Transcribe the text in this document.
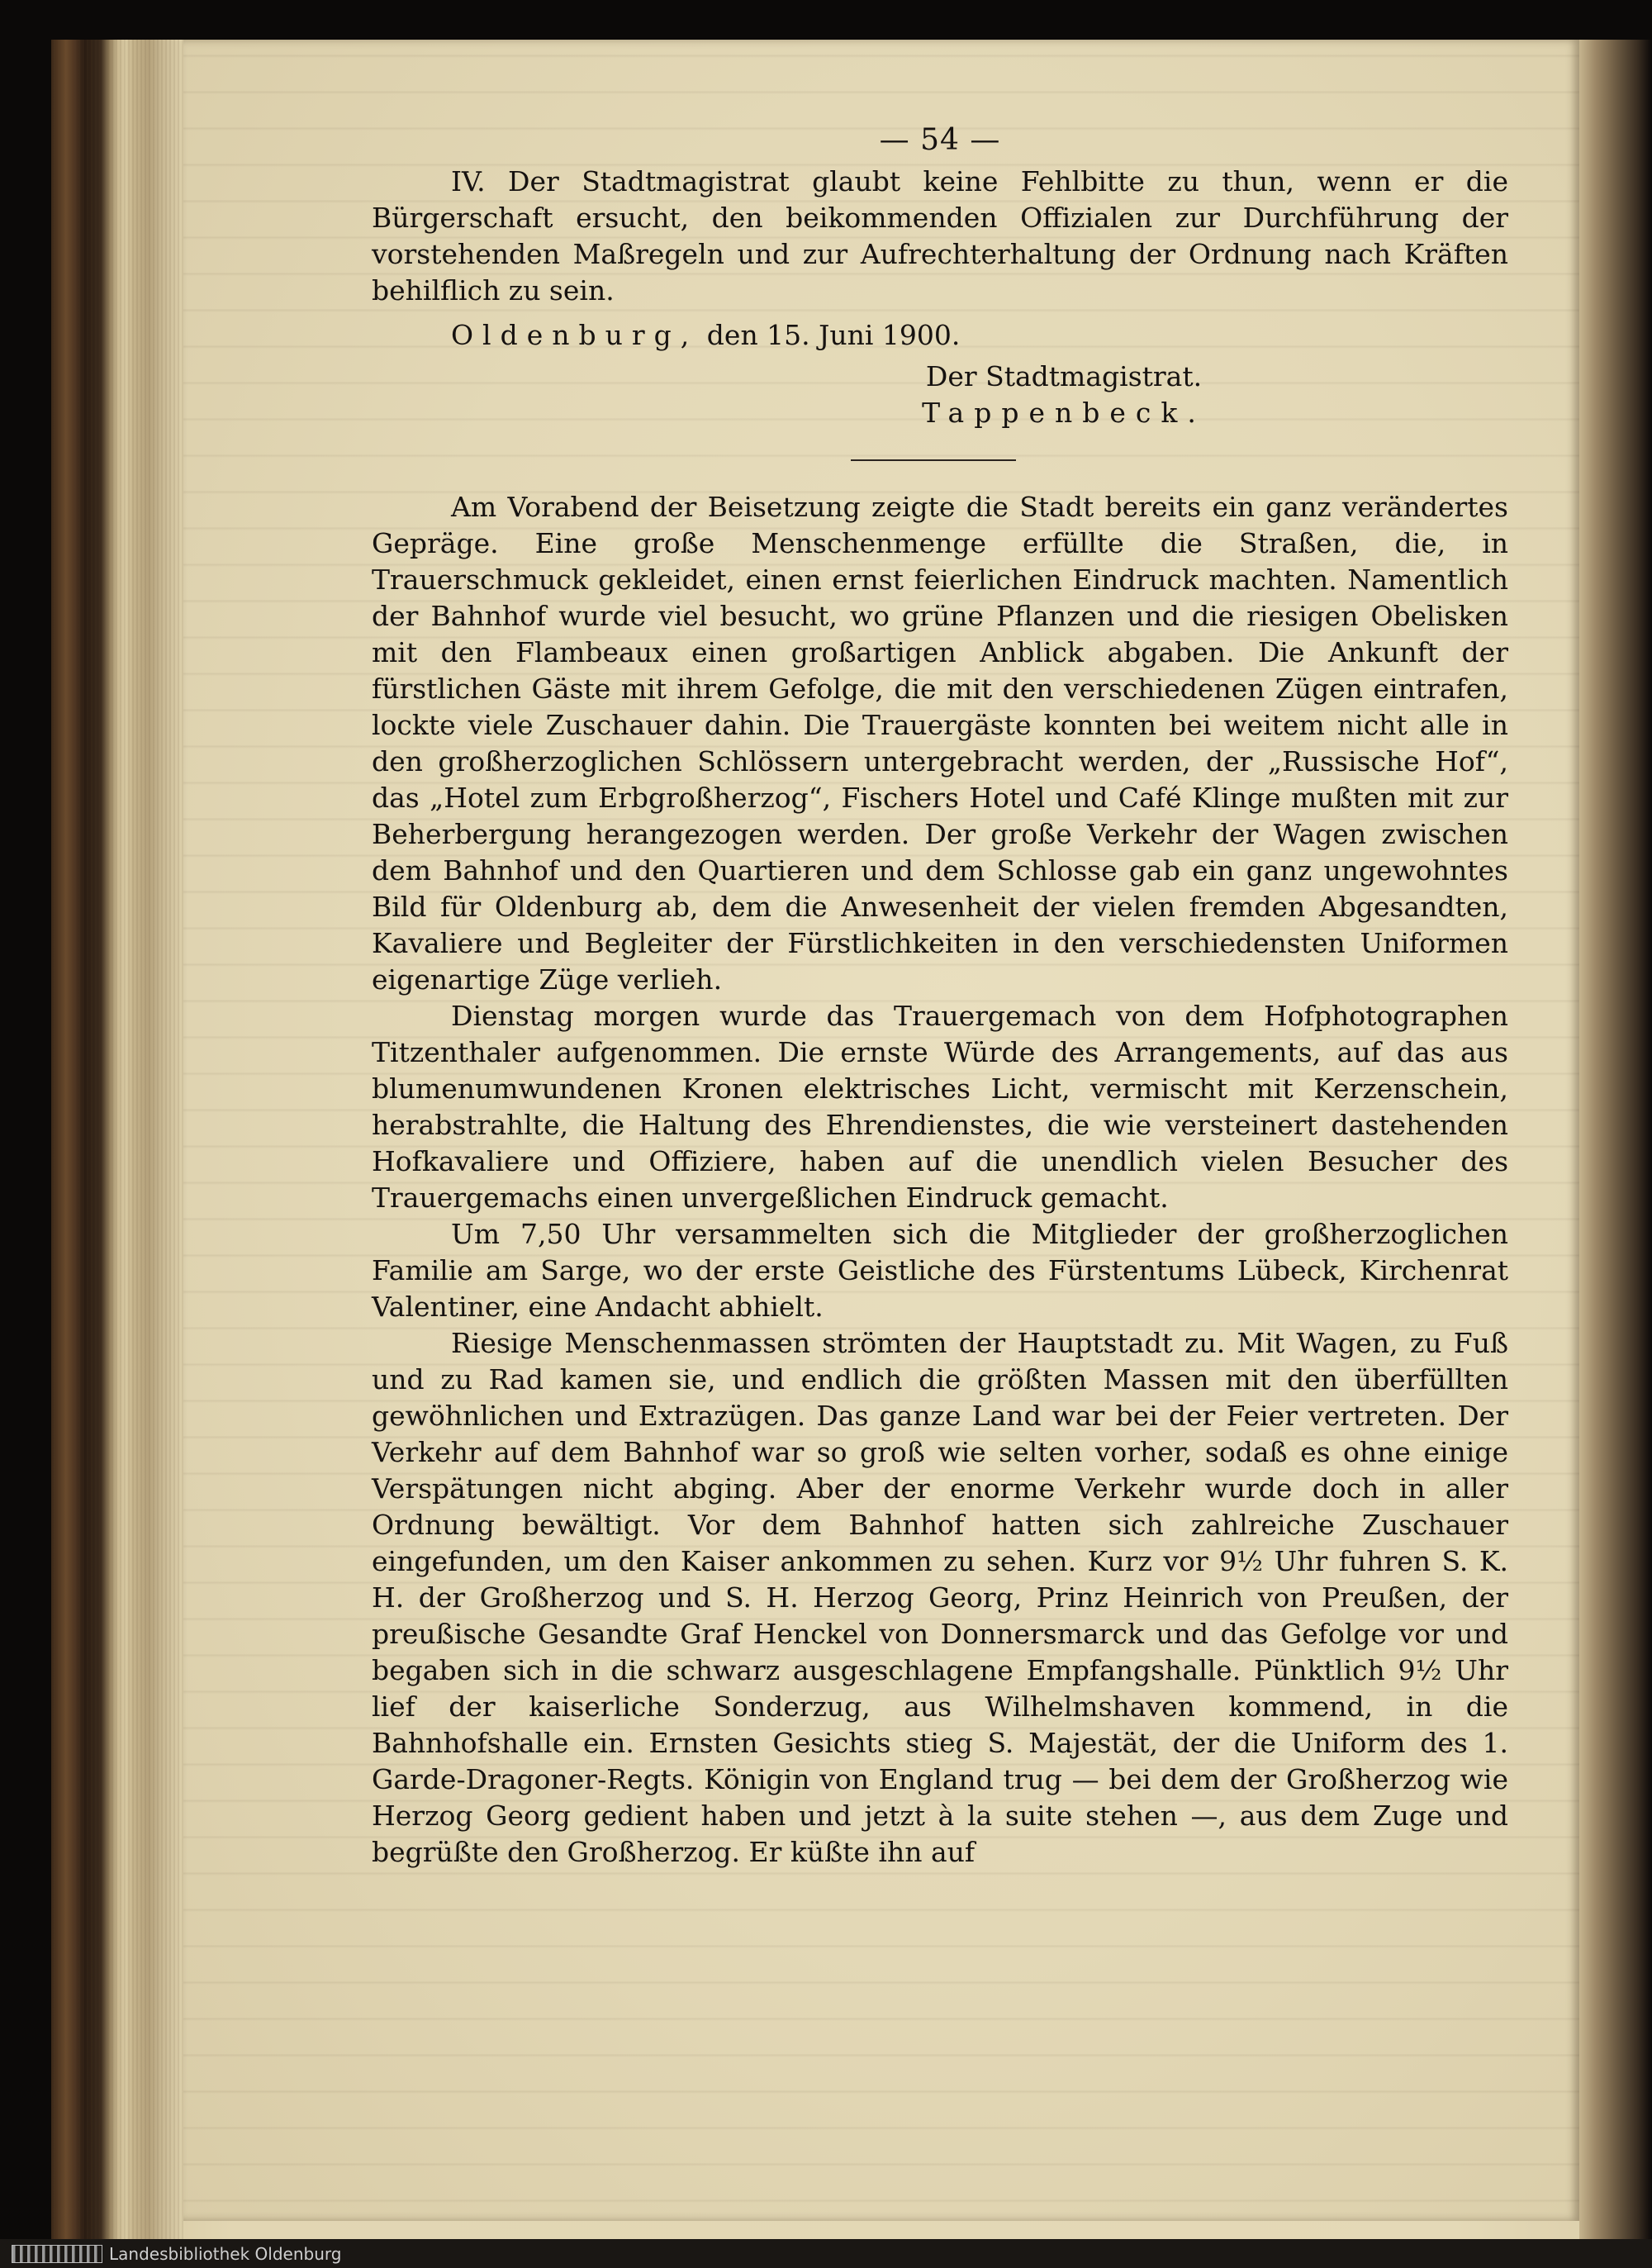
— 54 —

IV. Der Stadtmagistrat glaubt keine Fehlbitte zu thun, wenn er die Bürgerschaft ersucht, den beikommenden Offizialen zur Durchführung der vorstehenden Maßregeln und zur Aufrechterhaltung der Ordnung nach Kräften behilflich zu sein.

Oldenburg, den 15. Juni 1900.

Der Stadtmagistrat.
Tappenbeck.

Am Vorabend der Beisetzung zeigte die Stadt bereits ein ganz verändertes Gepräge. Eine große Menschenmenge erfüllte die Straßen, die, in Trauerschmuck gekleidet, einen ernst feierlichen Eindruck machten. Namentlich der Bahnhof wurde viel besucht, wo grüne Pflanzen und die riesigen Obelisken mit den Flambeaux einen großartigen Anblick abgaben. Die Ankunft der fürstlichen Gäste mit ihrem Gefolge, die mit den verschiedenen Zügen eintrafen, lockte viele Zuschauer dahin. Die Trauergäste konnten bei weitem nicht alle in den großherzoglichen Schlössern untergebracht werden, der „Russische Hof“, das „Hotel zum Erbgroßherzog“, Fischers Hotel und Café Klinge mußten mit zur Beherbergung herangezogen werden. Der große Verkehr der Wagen zwischen dem Bahnhof und den Quartieren und dem Schlosse gab ein ganz ungewohntes Bild für Oldenburg ab, dem die Anwesenheit der vielen fremden Abgesandten, Kavaliere und Begleiter der Fürstlichkeiten in den verschiedensten Uniformen eigenartige Züge verlieh.

Dienstag morgen wurde das Trauergemach von dem Hofphotographen Titzenthaler aufgenommen. Die ernste Würde des Arrangements, auf das aus blumenumwundenen Kronen elektrisches Licht, vermischt mit Kerzenschein, herabstrahlte, die Haltung des Ehrendienstes, die wie versteinert dastehenden Hofkavaliere und Offiziere, haben auf die unendlich vielen Besucher des Trauergemachs einen unvergeßlichen Eindruck gemacht.

Um 7,50 Uhr versammelten sich die Mitglieder der großherzoglichen Familie am Sarge, wo der erste Geistliche des Fürstentums Lübeck, Kirchenrat Valentiner, eine Andacht abhielt.

Riesige Menschenmassen strömten der Hauptstadt zu. Mit Wagen, zu Fuß und zu Rad kamen sie, und endlich die größten Massen mit den überfüllten gewöhnlichen und Extrazügen. Das ganze Land war bei der Feier vertreten. Der Verkehr auf dem Bahnhof war so groß wie selten vorher, sodaß es ohne einige Verspätungen nicht abging. Aber der enorme Verkehr wurde doch in aller Ordnung bewältigt. Vor dem Bahnhof hatten sich zahlreiche Zuschauer eingefunden, um den Kaiser ankommen zu sehen. Kurz vor 9½ Uhr fuhren S. K. H. der Großherzog und S. H. Herzog Georg, Prinz Heinrich von Preußen, der preußische Gesandte Graf Henckel von Donnersmarck und das Gefolge vor und begaben sich in die schwarz ausgeschlagene Empfangshalle. Pünktlich 9½ Uhr lief der kaiserliche Sonderzug, aus Wilhelmshaven kommend, in die Bahnhofshalle ein. Ernsten Gesichts stieg S. Majestät, der die Uniform des 1. Garde-Dragoner-Regts. Königin von England trug — bei dem der Großherzog wie Herzog Georg gedient haben und jetzt à la suite stehen —, aus dem Zuge und begrüßte den Großherzog. Er küßte ihn auf

Landesbibliothek Oldenburg
